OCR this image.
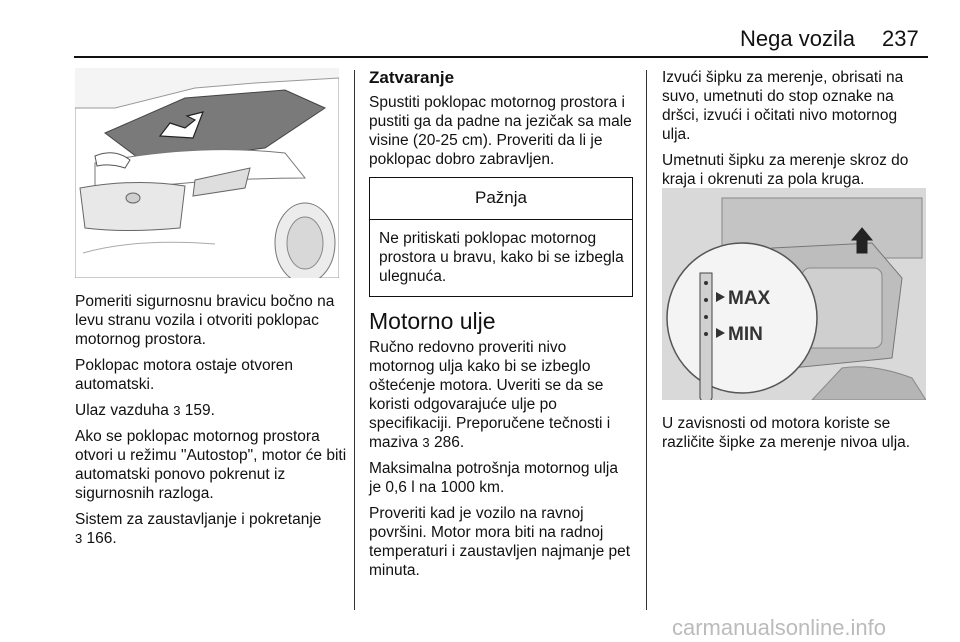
Nega vozila 237

Pomeriti sigurnosnu bravicu bočno na levu stranu vozila i otvoriti poklopac motornog prostora.

Poklopac motora ostaje otvoren automatski.

Ulaz vazduha 3 159.

Ako se poklopac motornog prostora otvori u režimu "Autostop", motor će biti automatski ponovo pokrenut iz sigurnosnih razloga.

Sistem za zaustavljanje i pokretanje
3 166.

Zatvaranje

Spustiti poklopac motornog prostora i pustiti ga da padne na jezičak sa male visine (20-25 cm). Proveriti da li je poklopac dobro zabravljen.

Pažnja
Ne pritiskati poklopac motornog prostora u bravu, kako bi se izbegla ulegnuća.
Motorno ulje

Ručno redovno proveriti nivo motornog ulja kako bi se izbeglo oštećenje motora. Uveriti se da se koristi odgovarajuće ulje po specifikaciji. Preporučene tečnosti i maziva 3 286.

Maksimalna potrošnja motornog ulja je 0,6 l na 1000 km.

Proveriti kad je vozilo na ravnoj površini. Motor mora biti na radnoj temperaturi i zaustavljen najmanje pet minuta.

Izvući šipku za merenje, obrisati na suvo, umetnuti do stop oznake na dršci, izvući i očitati nivo motornog ulja.

Umetnuti šipku za merenje skroz do kraja i okrenuti za pola kruga.

MAX
MIN

U zavisnosti od motora koriste se različite šipke za merenje nivoa ulja.

carmanualsonline.info
